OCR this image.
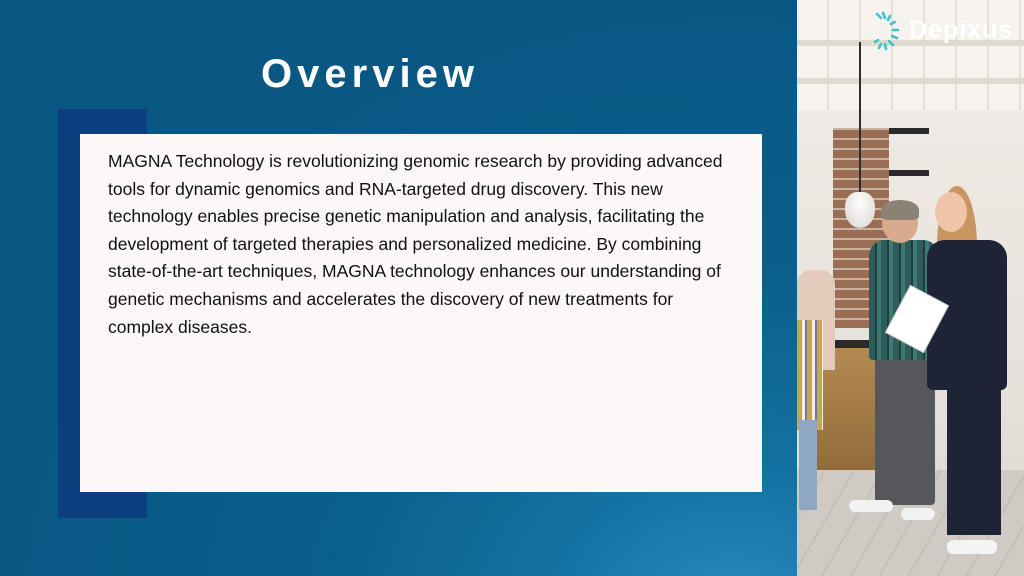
Overview

MAGNA Technology is revolutionizing genomic research by providing advanced tools for dynamic genomics and RNA-targeted drug discovery. This new technology enables precise genetic manipulation and analysis, facilitating the development of targeted therapies and personalized medicine. By combining state-of-the-art techniques, MAGNA technology enhances our understanding of genetic mechanisms and accelerates the discovery of new treatments for complex diseases.

Depixus
